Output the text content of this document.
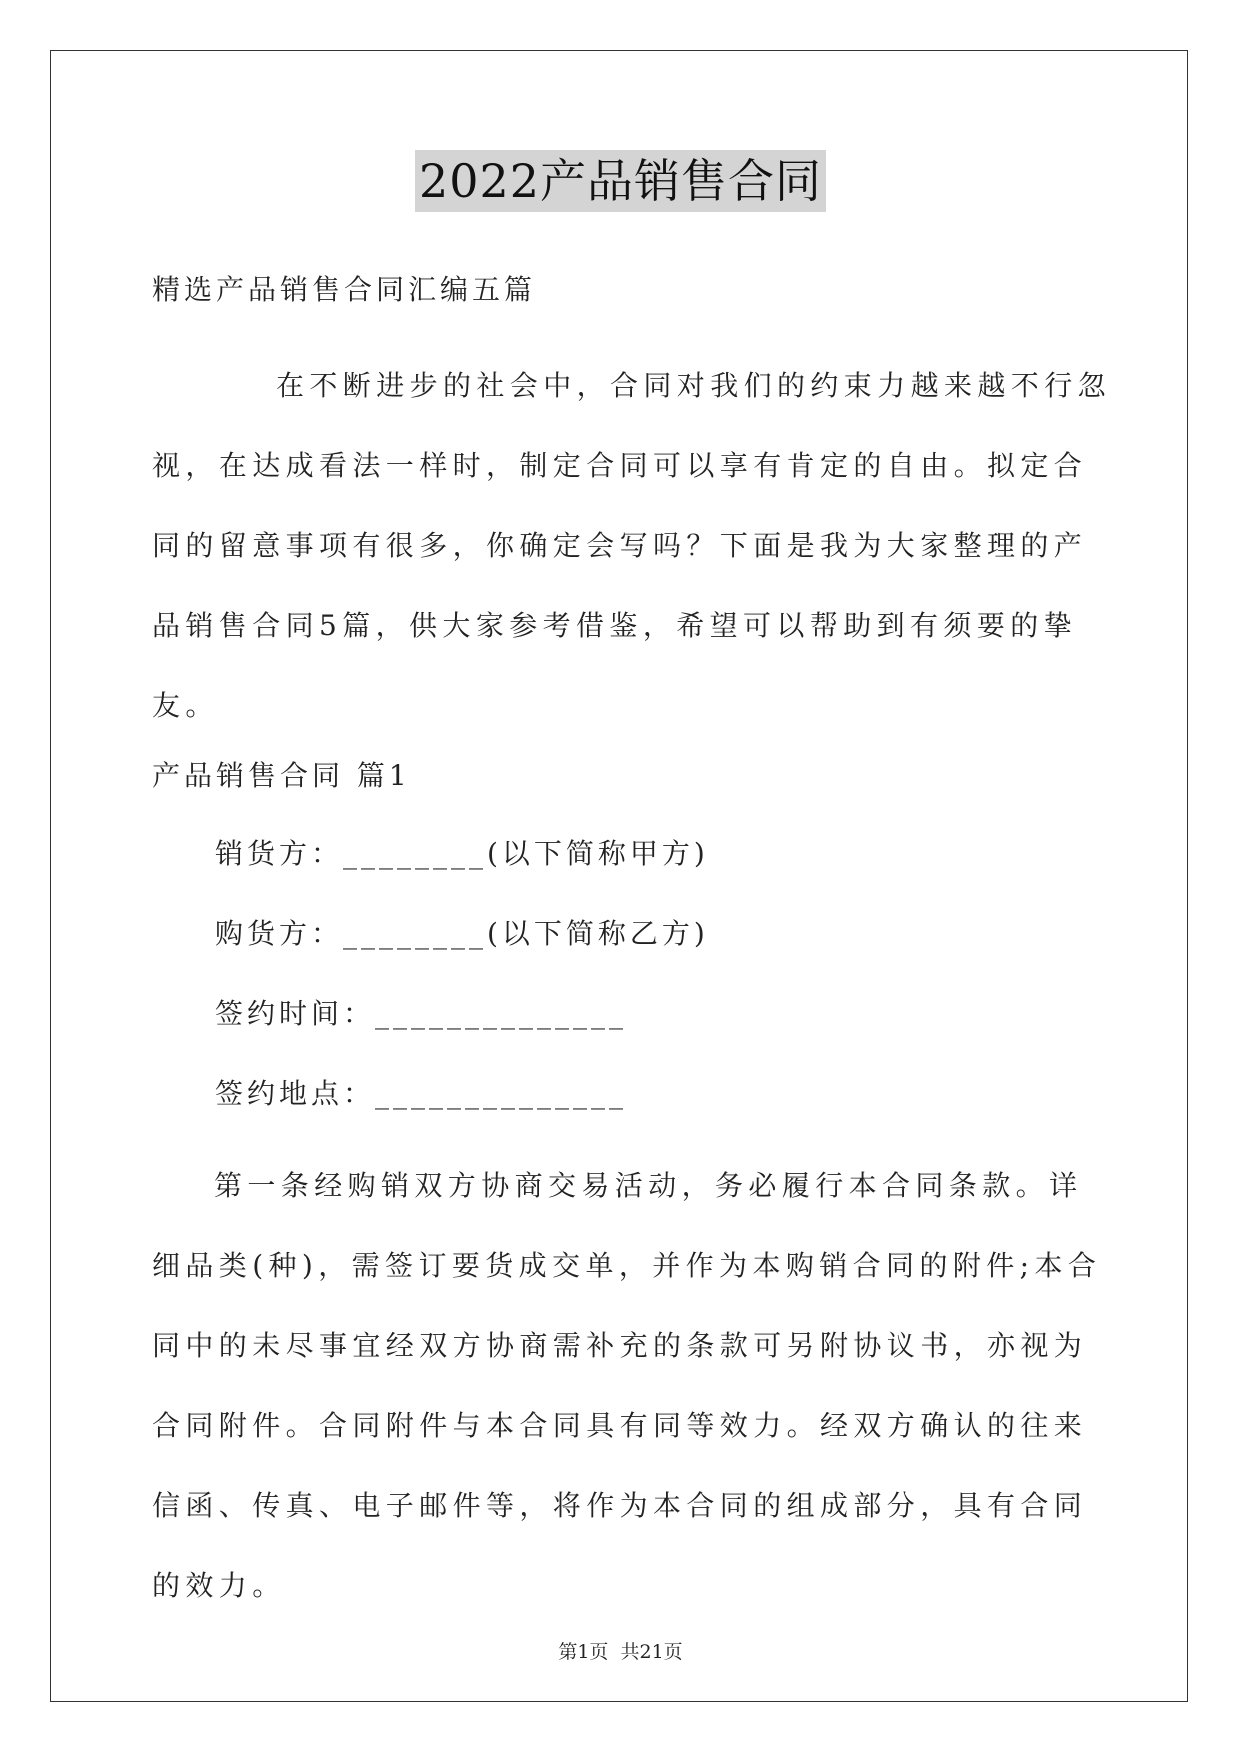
2022产品销售合同
精选产品销售合同汇编五篇

在不断进步的社会中，合同对我们的约束力越来越不行忽视，在达成看法一样时，制定合同可以享有肯定的自由。拟定合同的留意事项有很多，你确定会写吗？下面是我为大家整理的产品销售合同5篇，供大家参考借鉴，希望可以帮助到有须要的挚友。

产品销售合同 篇1
销货方：________(以下简称甲方)
购货方：________(以下简称乙方)
签约时间：______________
签约地点：______________

第一条经购销双方协商交易活动，务必履行本合同条款。详细品类(种)，需签订要货成交单，并作为本购销合同的附件;本合同中的未尽事宜经双方协商需补充的条款可另附协议书，亦视为合同附件。合同附件与本合同具有同等效力。经双方确认的往来信函、传真、电子邮件等，将作为本合同的组成部分，具有合同的效力。

第1页  共21页
